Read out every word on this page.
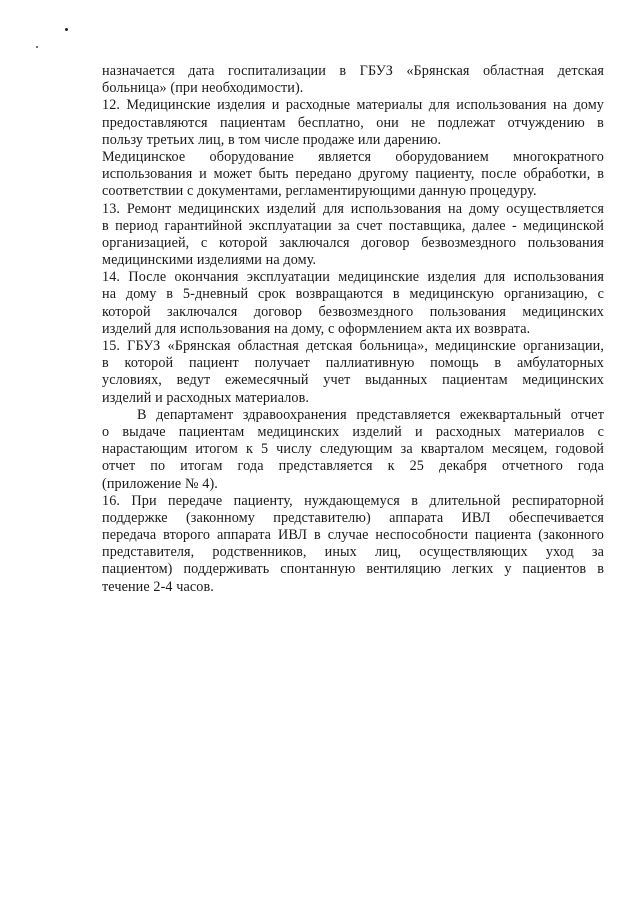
назначается дата госпитализации в ГБУЗ «Брянская областная детская
больница» (при необходимости).
12. Медицинские изделия и расходные материалы для использования на дому
предоставляются пациентам бесплатно, они не подлежат отчуждению в
пользу третьих лиц, в том числе продаже или дарению.
Медицинское оборудование является оборудованием многократного
использования и может быть передано другому пациенту, после обработки, в
соответствии с документами, регламентирующими данную процедуру.
13. Ремонт медицинских изделий для использования на дому осуществляется
в период гарантийной эксплуатации за счет поставщика, далее - медицинской
организацией, с которой заключался договор безвозмездного пользования
медицинскими изделиями на дому.
14. После окончания эксплуатации медицинские изделия для использования
на дому в 5-дневный срок возвращаются в медицинскую организацию, с
которой заключался договор безвозмездного пользования медицинских
изделий для использования на дому, с оформлением акта их возврата.
15. ГБУЗ «Брянская областная детская больница», медицинские организации,
в которой пациент получает паллиативную помощь в амбулаторных
условиях, ведут ежемесячный учет выданных пациентам медицинских
изделий и расходных материалов.
В департамент здравоохранения представляется ежеквартальный отчет
о выдаче пациентам медицинских изделий и расходных материалов с
нарастающим итогом к 5 числу следующим за кварталом месяцем, годовой
отчет по итогам года представляется к 25 декабря отчетного года
(приложение № 4).
16. При передаче пациенту, нуждающемуся в длительной респираторной
поддержке (законному представителю) аппарата ИВЛ обеспечивается
передача второго аппарата ИВЛ в случае неспособности пациента (законного
представителя, родственников, иных лиц, осуществляющих уход за
пациентом) поддерживать спонтанную вентиляцию легких у пациентов в
течение 2-4 часов.
